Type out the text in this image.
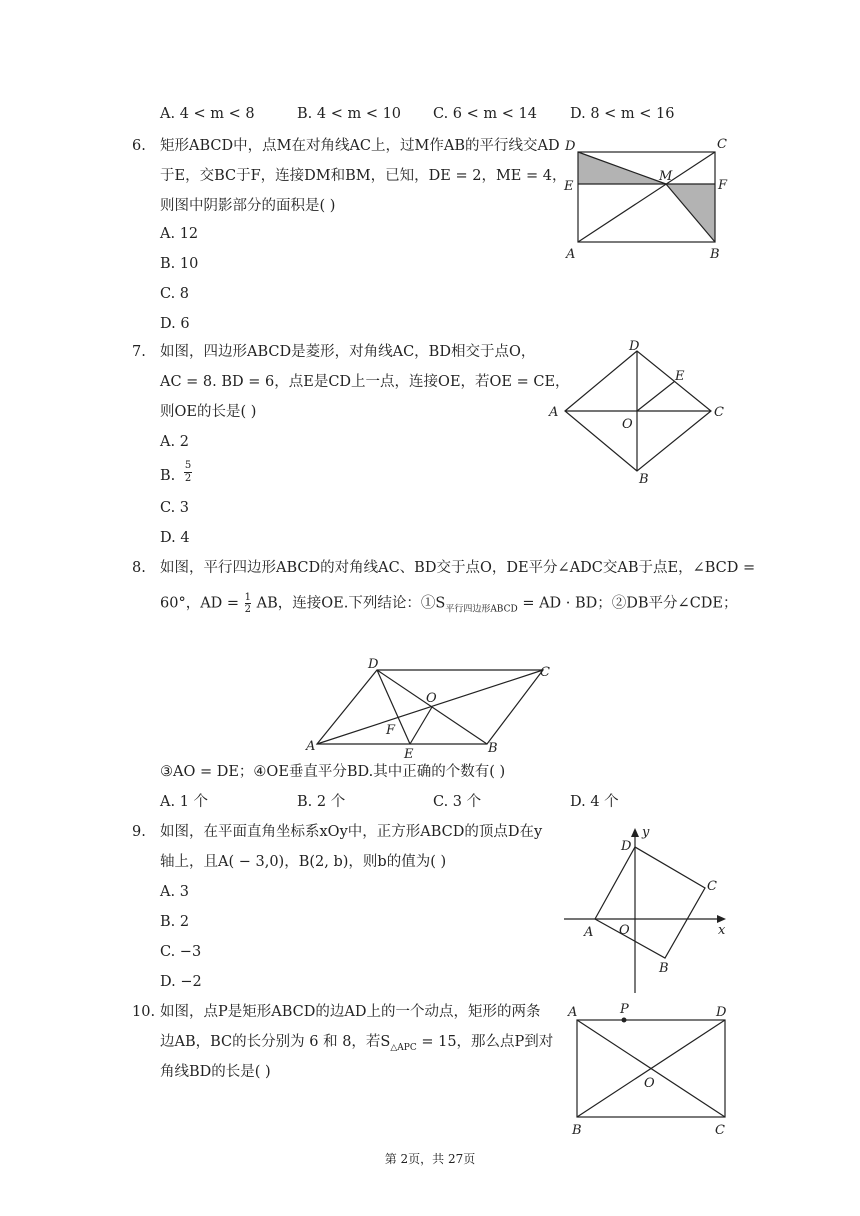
A. 4 < m < 8	B. 4 < m < 10 C. 6 < m < 14 D. 8 < m < 16
6. 矩形ABCD中，点M在对角线AC上，过M作AB的平行线交AD
于E，交BC于F，连接DM和BM，已知，DE = 2，ME = 4，
则图中阴影部分的面积是( )
A. 12
B. 10
C. 8
D. 6
D	C
E
M
F
A	B
7. 如图，四边形ABCD是菱形，对角线AC，BD相交于点O，
AC = 8. BD = 6，点E是CD上一点，连接OE，若OE = CE，
则OE的长是( )
A. 2
B. $\frac{5}{2}$
C. 3
D. 4
D
E
A
O
C
B
8. 如图，平行四边形ABCD的对角线AC、BD交于点O，DE平分∠ADC交AB于点E，∠BCD =
60°，AD = $\frac{1}{2}$ AB，连接OE.下列结论：$①S_{平行四边形ABCD}$ = AD · BD；②DB平分∠CDE；
D
C
O
F
A
E	B
③AO = DE；④OE垂直平分BD.其中正确的个数有( )
A. 1 个	B. 2 个	C. 3 个	D. 4 个
9. 如图，在平面直角坐标系xOy中，正方形ABCD的顶点D在y
轴上，且A( − 3,0)，B(2, b)，则b的值为( )
A. 3
B. 2
C. −3
D. −2
y
D
C
A O	x
B
10. 如图，点P是矩形ABCD的边AD上的一个动点，矩形的两条
边AB，BC的长分别为 6 和 8，若$S_{\triangle APC} = 15$，那么点P到对
角线BD的长是( )
A	P	D
O
B	C
第 2页，共 27页
